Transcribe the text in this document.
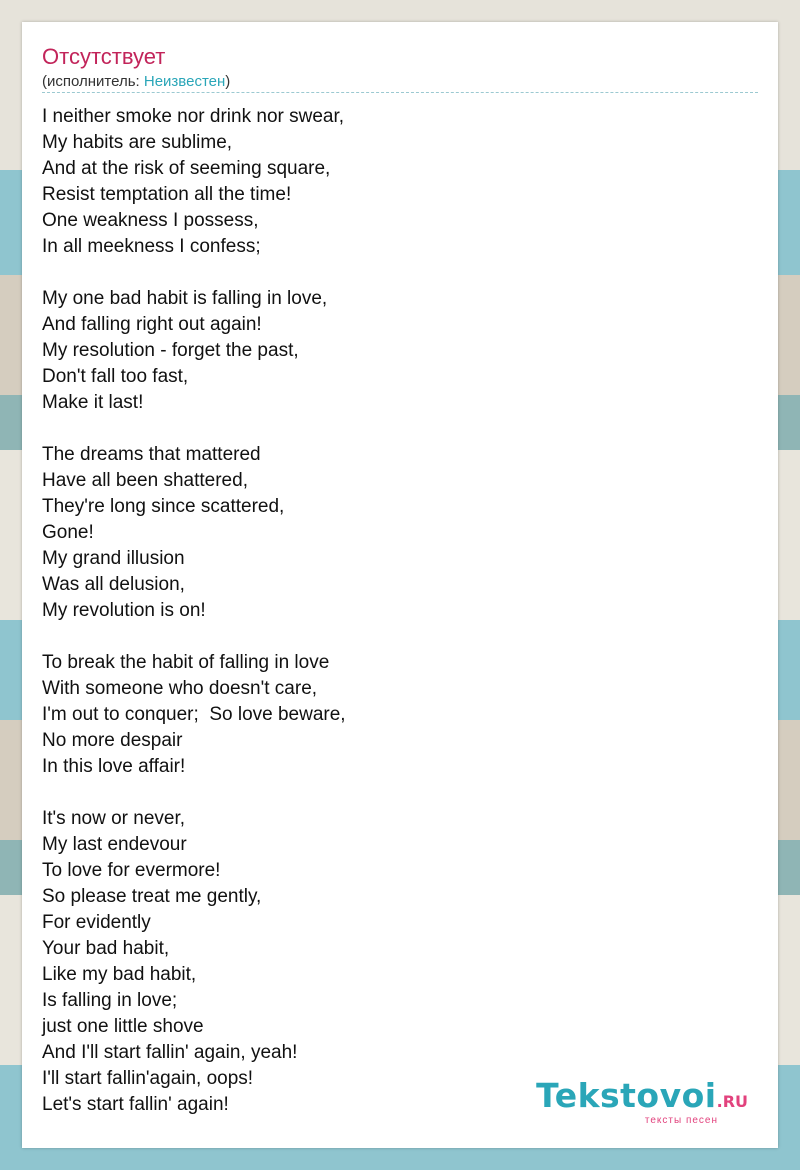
Отсутствует
(исполнитель: Неизвестен)
I neither smoke nor drink nor swear,
My habits are sublime,
And at the risk of seeming square,
Resist temptation all the time!
One weakness I possess,
In all meekness I confess;
My one bad habit is falling in love,
And falling right out again!
My resolution - forget the past,
Don't fall too fast,
Make it last!
The dreams that mattered
Have all been shattered,
They're long since scattered,
Gone!
My grand illusion
Was all delusion,
My revolution is on!
To break the habit of falling in love
With someone who doesn't care,
I'm out to conquer;  So love beware,
No more despair
In this love affair!
It's now or never,
My last endevour
To love for evermore!
So please treat me gently,
For evidently
Your bad habit,
Like my bad habit,
Is falling in love;
just one little shove
And I'll start fallin' again, yeah!
I'll start fallin'again, oops!
Let's start fallin' again!	Tekstovoi.RU
тексты песен
